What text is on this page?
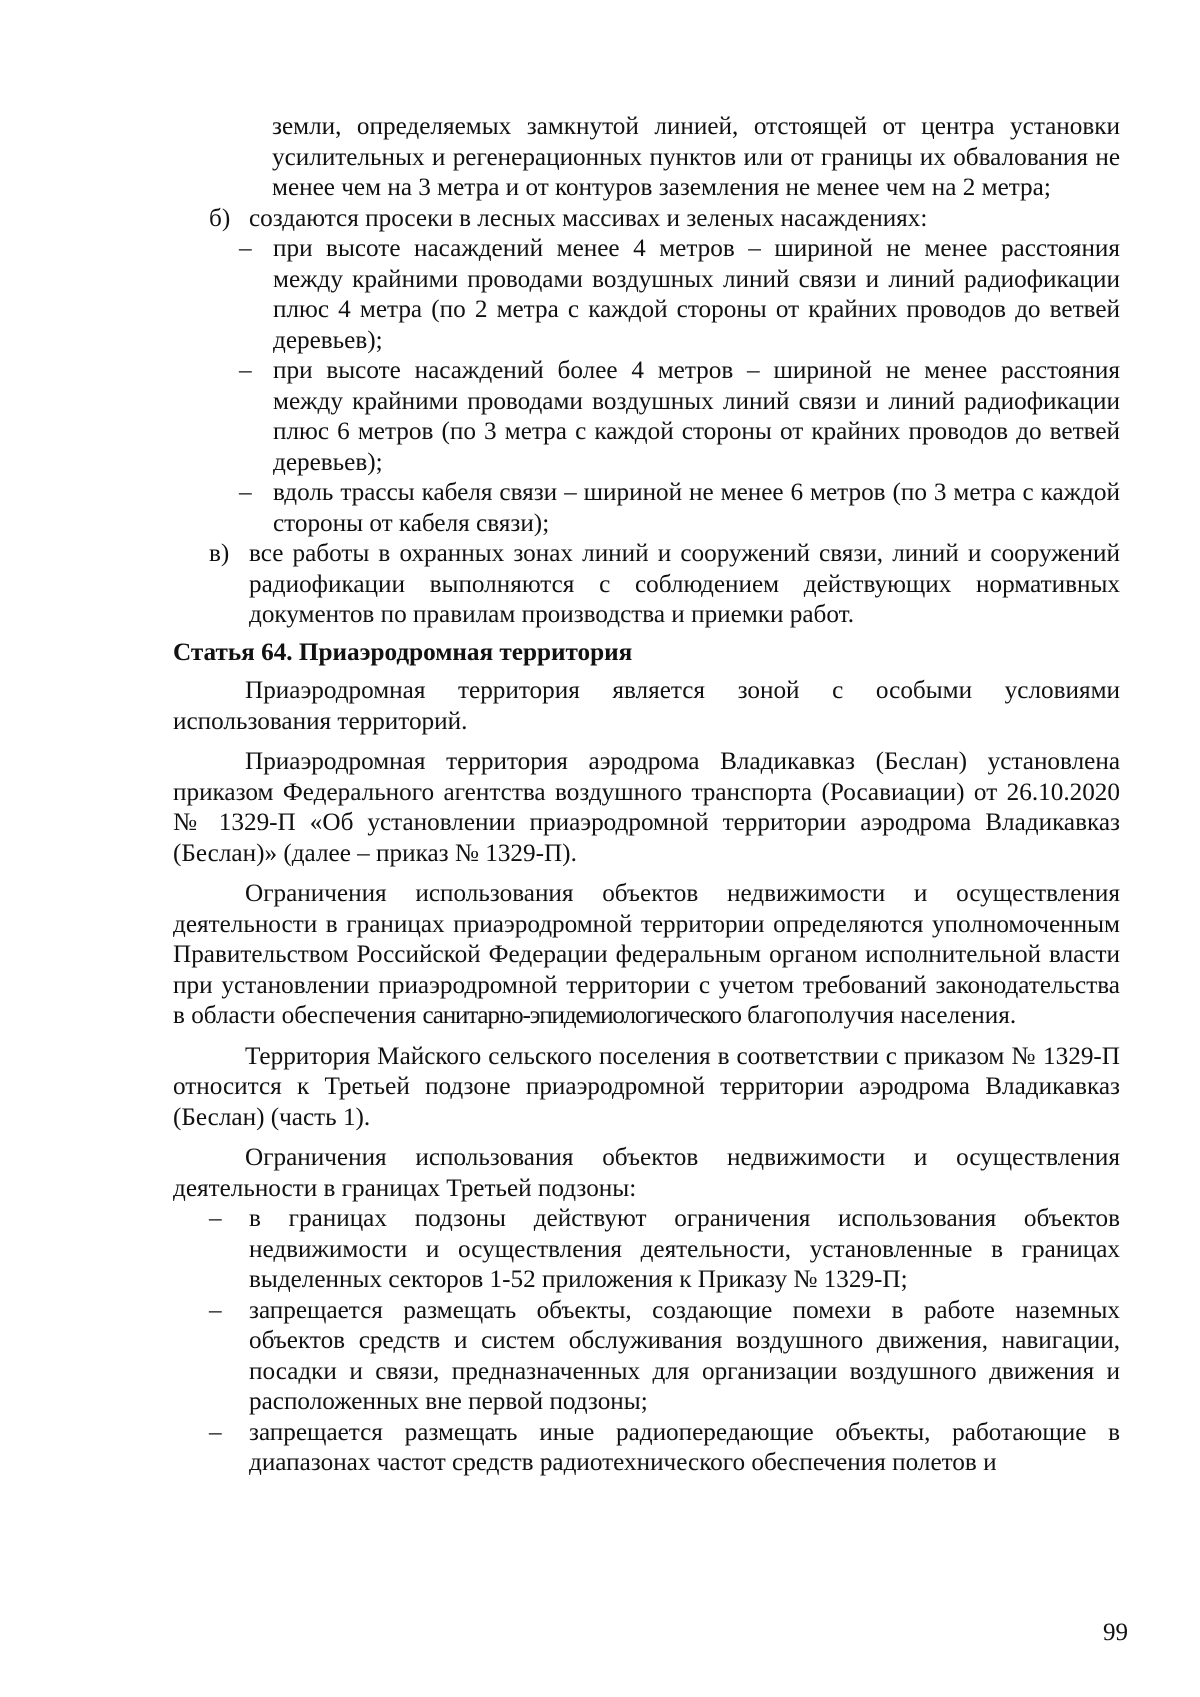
земли, определяемых замкнутой линией, отстоящей от центра установки усилительных и регенерационных пунктов или от границы их обвалования не менее чем на 3 метра и от контуров заземления не менее чем на 2 метра;
б) создаются просеки в лесных массивах и зеленых насаждениях:
– при высоте насаждений менее 4 метров – шириной не менее расстояния между крайними проводами воздушных линий связи и линий радиофикации плюс 4 метра (по 2 метра с каждой стороны от крайних проводов до ветвей деревьев);
– при высоте насаждений более 4 метров – шириной не менее расстояния между крайними проводами воздушных линий связи и линий радиофикации плюс 6 метров (по 3 метра с каждой стороны от крайних проводов до ветвей деревьев);
– вдоль трассы кабеля связи – шириной не менее 6 метров (по 3 метра с каждой стороны от кабеля связи);
в) все работы в охранных зонах линий и сооружений связи, линий и сооружений радиофикации выполняются с соблюдением действующих нормативных документов по правилам производства и приемки работ.
Статья 64. Приаэродромная территория
Приаэродромная территория является зоной с особыми условиями использования территорий.
Приаэродромная территория аэродрома Владикавказ (Беслан) установлена приказом Федерального агентства воздушного транспорта (Росавиации) от 26.10.2020 № 1329-П «Об установлении приаэродромной территории аэродрома Владикавказ (Беслан)» (далее – приказ № 1329-П).
Ограничения использования объектов недвижимости и осуществления деятельности в границах приаэродромной территории определяются уполномоченным Правительством Российской Федерации федеральным органом исполнительной власти при установлении приаэродромной территории с учетом требований законодательства в области обеспечения санитарно-эпидемиологического благополучия населения.
Территория Майского сельского поселения в соответствии с приказом № 1329-П относится к Третьей подзоне приаэродромной территории аэродрома Владикавказ (Беслан) (часть 1).
Ограничения использования объектов недвижимости и осуществления деятельности в границах Третьей подзоны:
–	в границах подзоны действуют ограничения использования объектов недвижимости и осуществления деятельности, установленные в границах выделенных секторов 1-52 приложения к Приказу № 1329-П;
–	запрещается размещать объекты, создающие помехи в работе наземных объектов средств и систем обслуживания воздушного движения, навигации, посадки и связи, предназначенных для организации воздушного движения и расположенных вне первой подзоны;
–	запрещается размещать иные радиопередающие объекты, работающие в диапазонах частот средств радиотехнического обеспечения полетов и
99
